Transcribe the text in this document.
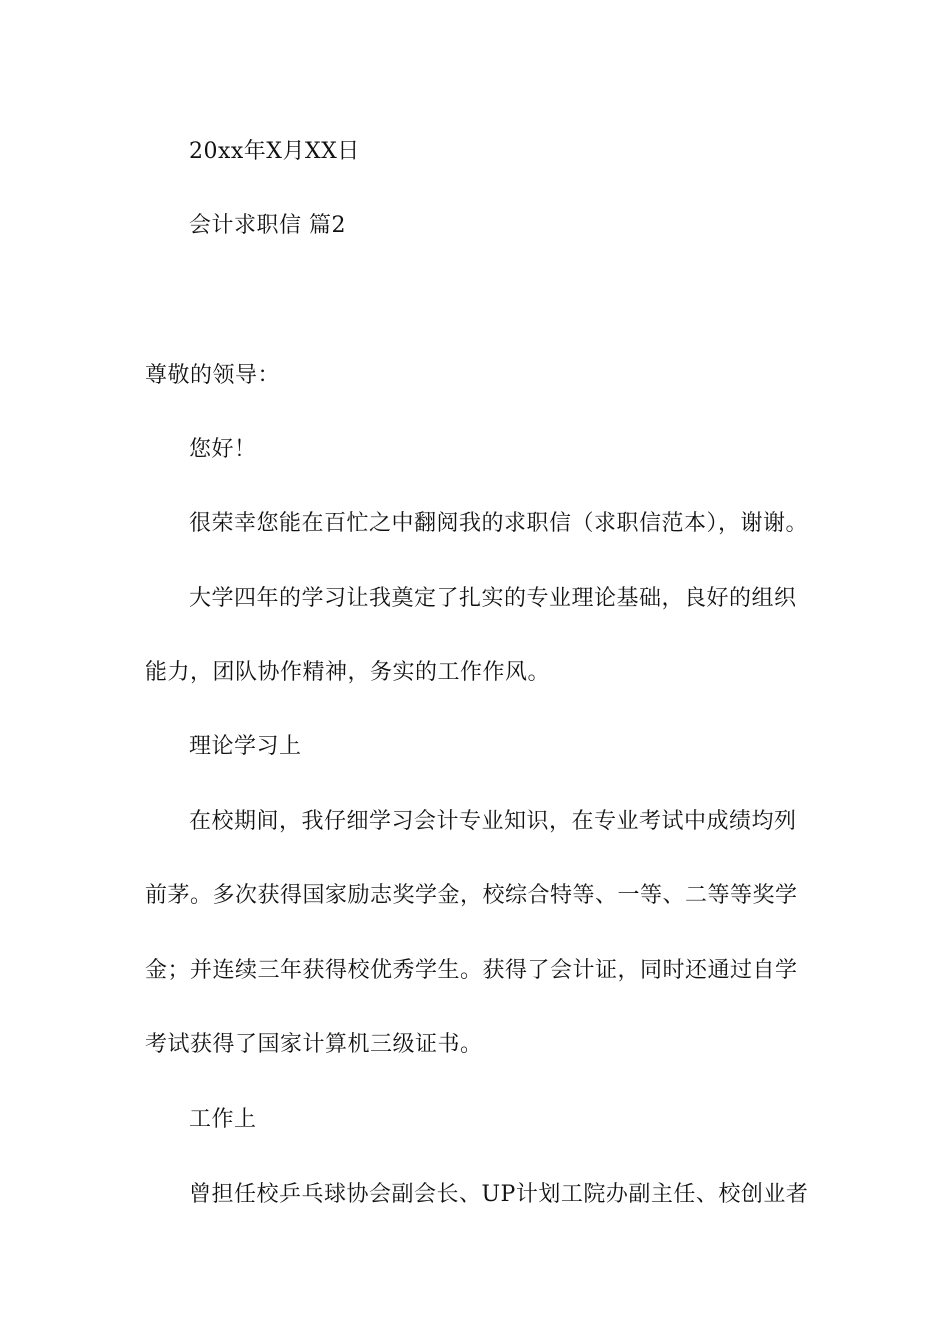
20xx年X月XX日
会计求职信 篇2
尊敬的领导：
您好！
很荣幸您能在百忙之中翻阅我的求职信（求职信范本），谢谢。
大学四年的学习让我奠定了扎实的专业理论基础，良好的组织
能力，团队协作精神，务实的工作作风。
理论学习上
在校期间，我仔细学习会计专业知识，在专业考试中成绩均列
前茅。多次获得国家励志奖学金，校综合特等、一等、二等等奖学
金；并连续三年获得校优秀学生。获得了会计证，同时还通过自学
考试获得了国家计算机三级证书。
工作上
曾担任校乒乓球协会副会长、UP计划工院办副主任、校创业者
